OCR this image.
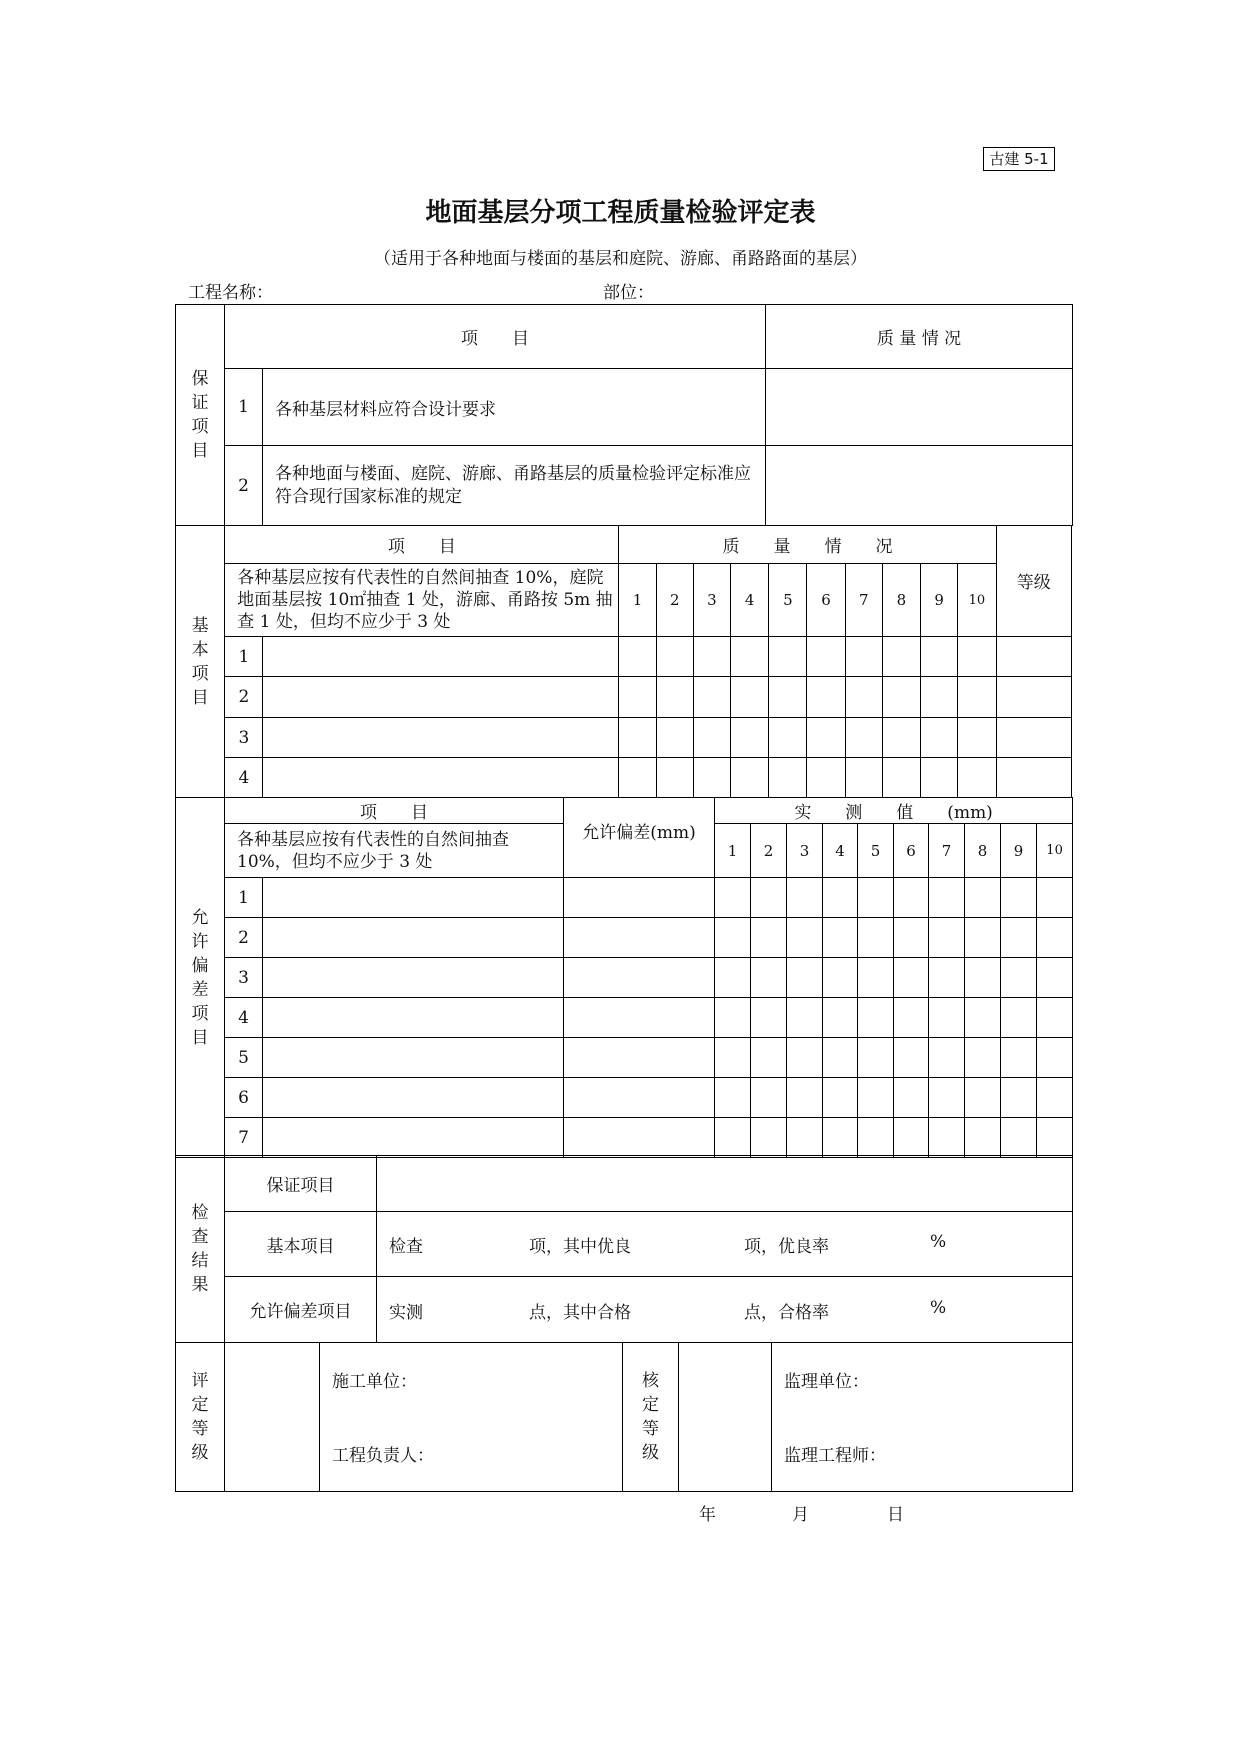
古建 5-1
地面基层分项工程质量检验评定表
（适用于各种地面与楼面的基层和庭院、游廊、甬路路面的基层）
工程名称：	部位：
保证项目	项　　目		质 量 情 况
	1	各种基层材料应符合设计要求	
	2	各种地面与楼面、庭院、游廊、甬路基层的质量检验评定标准应符合现行国家标准的规定	
基本项目	项　　目		质　　量　　情　　况										等级
	各种基层应按有代表性的自然间抽查 10%，庭院地面基层按 10㎡抽查 1 处，游廊、甬路按 5m 抽查 1 处，但均不应少于 3 处		1	2	3	4	5	6	7	8	9	10	
	1												
	2												
	3												
	4												
允许偏差项目	项　　目		允许偏差(mm)	实　　测　　值　　(mm)									
	各种基层应按有代表性的自然间抽查 10%，但均不应少于 3 处			1	2	3	4	5	6	7	8	9	10
	1												
	2												
	3												
	4												
	5												
	6												
	7												
检查结果	保证项目	
	基本项目	检查 项，其中优良 项，优良率 %

	允许偏差项目	实测 点，其中合格 点，合格率 %
评定等级

施工单位：
工程负责人：

核定等级

监理单位：
监理工程师：
年	月	日
